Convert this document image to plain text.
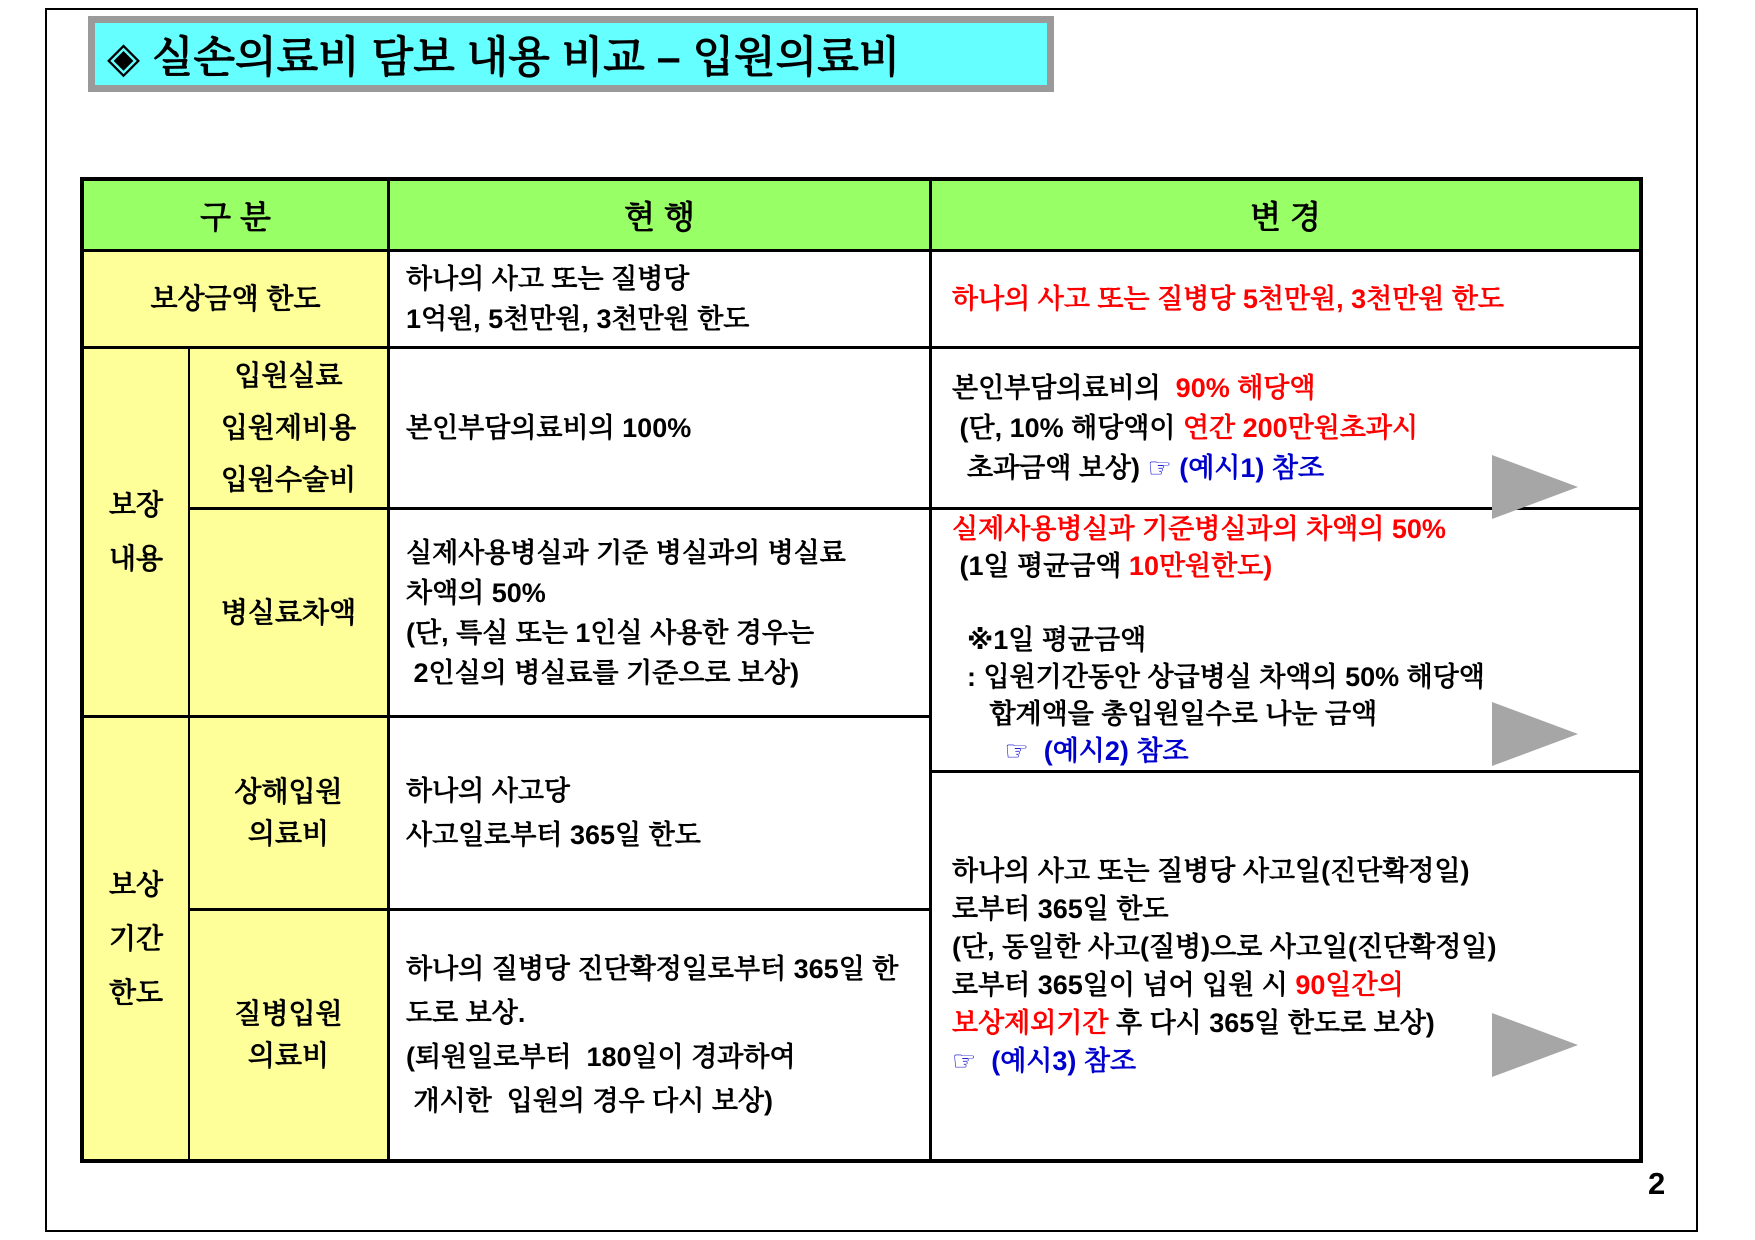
◈ 실손의료비 담보 내용 비교 – 입원의료비
구 분
보상금액 한도
보장
내용
보상
기간
한도
입원실료
입원제비용
입원수술비
병실료차액
상해입원
의료비
질병입원
의료비
현 행
하나의 사고 또는 질병당
1억원, 5천만원, 3천만원 한도
본인부담의료비의 100%
실제사용병실과 기준 병실과의 병실료
차액의 50%
(단, 특실 또는 1인실 사용한 경우는
2인실의 병실료를 기준으로 보상)
하나의 사고당
사고일로부터 365일 한도
하나의 질병당 진단확정일로부터 365일 한
도로 보상.
(퇴원일로부터  180일이 경과하여
개시한  입원의 경우 다시 보상)
변 경
하나의 사고 또는 질병당 5천만원, 3천만원 한도
본인부담의료비의  90% 해당액
(단, 10% 해당액이 연간 200만원초과시
초과금액 보상) ☞ (예시1) 참조
실제사용병실과 기준병실과의 차액의 50%
(1일 평균금액 10만원한도)

※1일 평균금액
: 입원기간동안 상급병실 차액의 50% 해당액
합계액을 총입원일수로 나눈 금액
☞  (예시2) 참조
하나의 사고 또는 질병당 사고일(진단확정일)
로부터 365일 한도
(단, 동일한 사고(질병)으로 사고일(진단확정일)
로부터 365일이 넘어 입원 시 90일간의
보상제외기간 후 다시 365일 한도로 보상)
☞  (예시3) 참조
2
